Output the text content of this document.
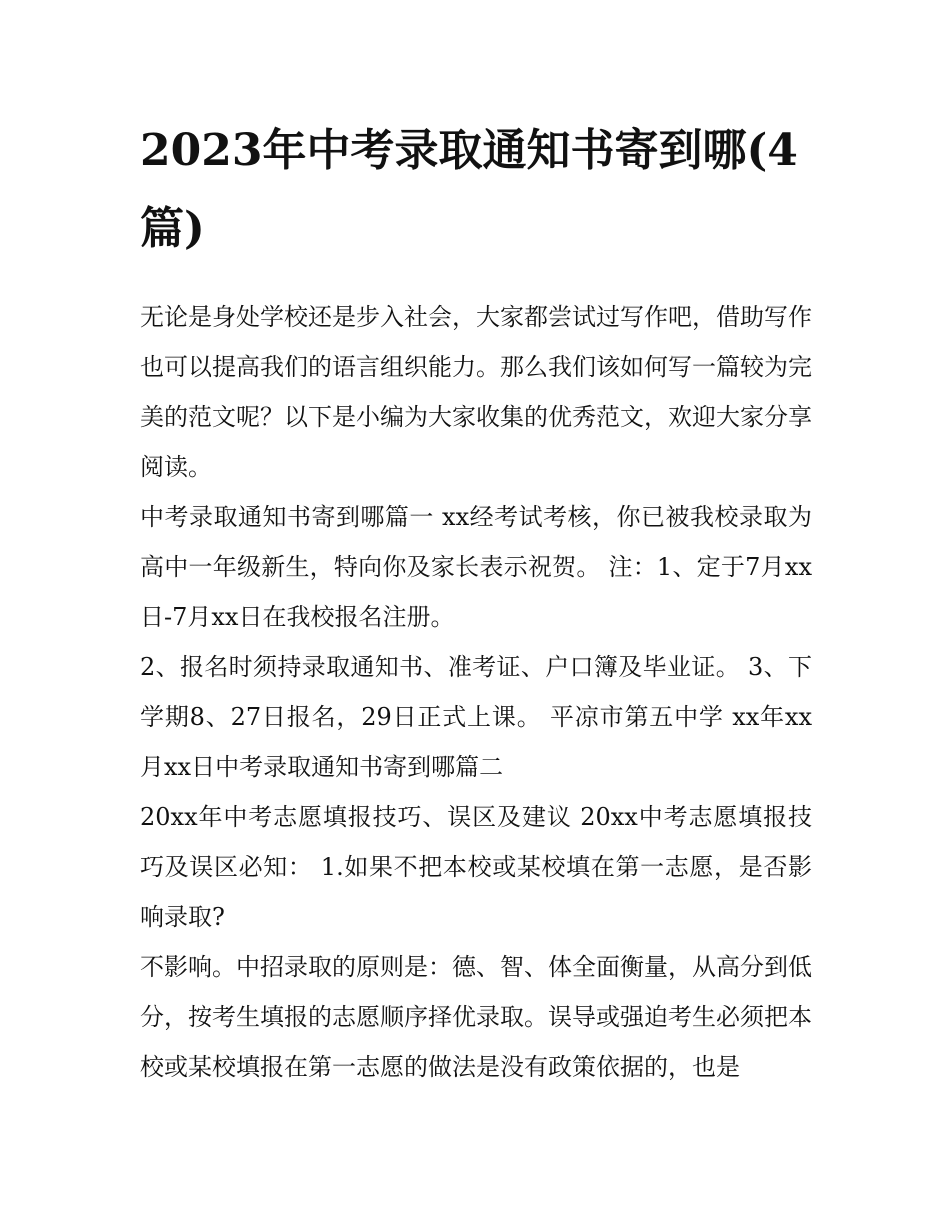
2023年中考录取通知书寄到哪(4篇)

无论是身处学校还是步入社会，大家都尝试过写作吧，借助写作也可以提高我们的语言组织能力。那么我们该如何写一篇较为完美的范文呢？以下是小编为大家收集的优秀范文，欢迎大家分享阅读。

中考录取通知书寄到哪篇一 xx经考试考核，你已被我校录取为高中一年级新生，特向你及家长表示祝贺。 注：1、定于7月xx日-7月xx日在我校报名注册。

2、报名时须持录取通知书、准考证、户口簿及毕业证。 3、下学期8、27日报名，29日正式上课。 平凉市第五中学 xx年xx月xx日中考录取通知书寄到哪篇二

20xx年中考志愿填报技巧、误区及建议 20xx中考志愿填报技巧及误区必知： 1.如果不把本校或某校填在第一志愿，是否影响录取?

不影响。中招录取的原则是：德、智、体全面衡量，从高分到低分，按考生填报的志愿顺序择优录取。误导或强迫考生必须把本校或某校填报在第一志愿的做法是没有政策依据的，也是
